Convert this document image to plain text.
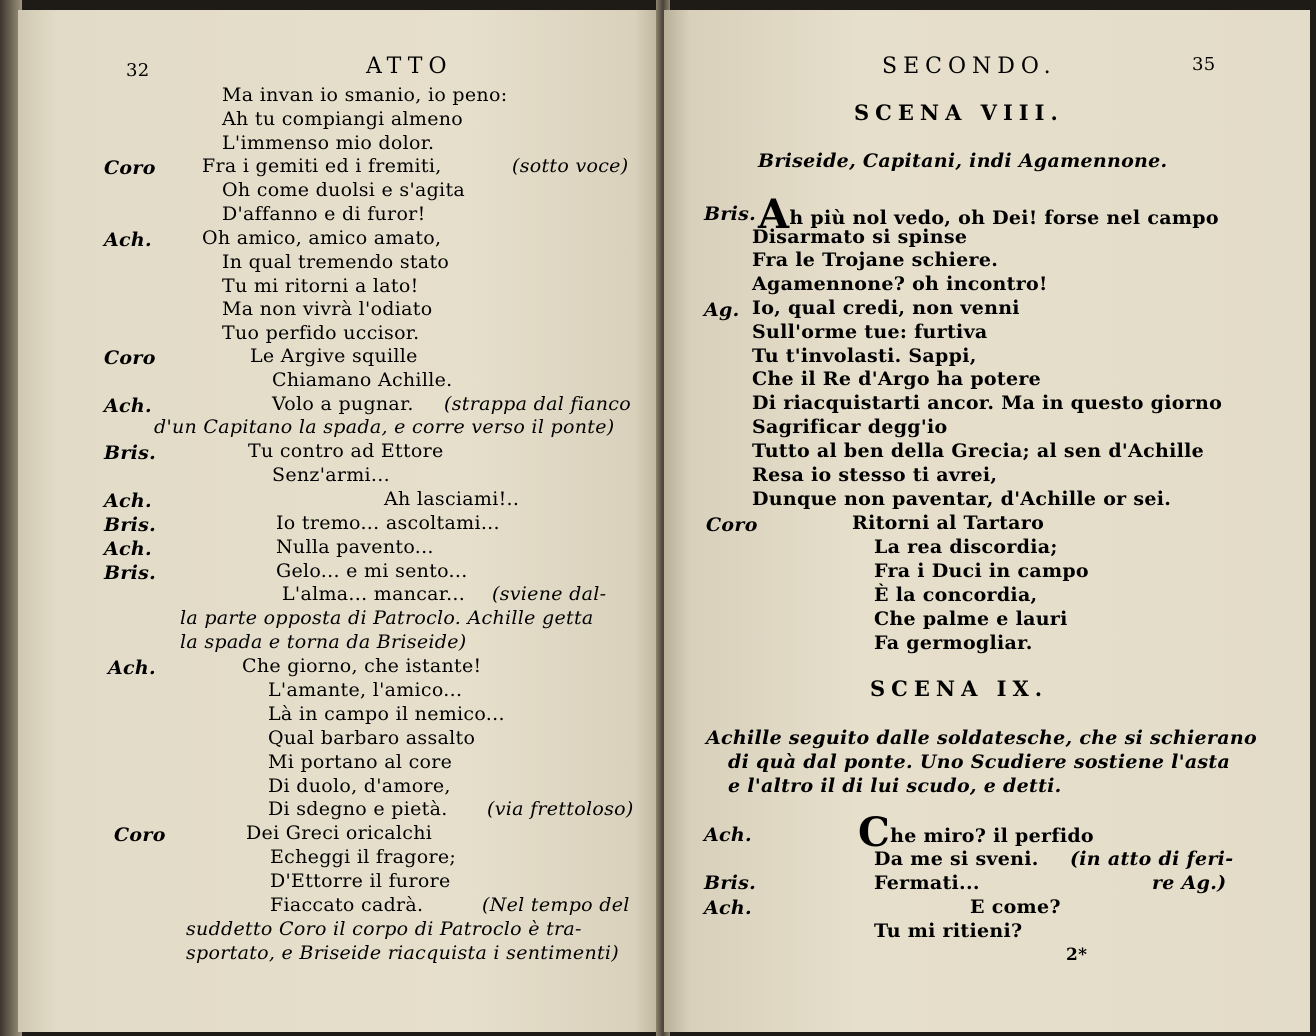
32	ATTO
Ma invan io smanio, io peno:
Ah tu compiangi almeno
L'immenso mio dolor.
Coro Fra i gemiti ed i fremiti,	(sotto voce)
Oh come duolsi e s'agita
D'affanno e di furor!
Ach.	Oh amico, amico amato,
In qual tremendo stato
Tu mi ritorni a lato!
Ma non vivrà l'odiato
Tuo perfido uccisor.
Coro	Le Argive squille
Chiamano Achille.
Ach.	Volo a pugnar. (strappa dal fianco
d'un Capitano la spada, e corre verso il ponte)
Bris.	Tu contro ad Ettore
Senz'armi...
Ach.	Ah lasciami!..
Bris.	Io tremo... ascoltami...
Ach.	Nulla pavento...
Bris.	Gelo... e mi sento...
L'alma... mancar... (sviene dal-
la parte opposta di Patroclo. Achille getta
la spada e torna da Briseide)
Ach.	Che giorno, che istante!
L'amante, l'amico...
Là in campo il nemico...
Qual barbaro assalto
Mi portano al core
Di duolo, d'amore,
Di sdegno e pietà. (via frettoloso)
Coro	Dei Greci oricalchi
Echeggi il fragore;
D'Ettorre il furore
Fiaccato cadrà.	(Nel tempo del
suddetto Coro il corpo di Patroclo è tra-
sportato, e Briseide riacquista i sentimenti)
SECONDO.	35
SCENA VIII.
Briseide, Capitani, indi Agamennone.
Bris. Ah più nol vedo, oh Dei! forse nel campo
Disarmato si spinse
Fra le Trojane schiere.
Agamennone? oh incontro!
Ag. Io, qual credi, non venni
Sull'orme tue: furtiva
Tu t'involasti. Sappi,
Che il Re d'Argo ha potere
Di riacquistarti ancor. Ma in questo giorno
Sagrificar degg'io
Tutto al ben della Grecia; al sen d'Achille
Resa io stesso ti avrei,
Dunque non paventar, d'Achille or sei.
Coro	Ritorni al Tartaro
La rea discordia;
Fra i Duci in campo
È la concordia,
Che palme e lauri
Fa germogliar.
SCENA IX.
Achille seguito dalle soldatesche, che si schierano
di quà dal ponte. Uno Scudiere sostiene l'asta
e l'altro il di lui scudo, e detti.
Ach.	Che miro? il perfido
Da me si sveni. (in atto di feri-
Bris.	Fermati...	re Ag.)
Ach.	E come?
Tu mi ritieni?
2*
